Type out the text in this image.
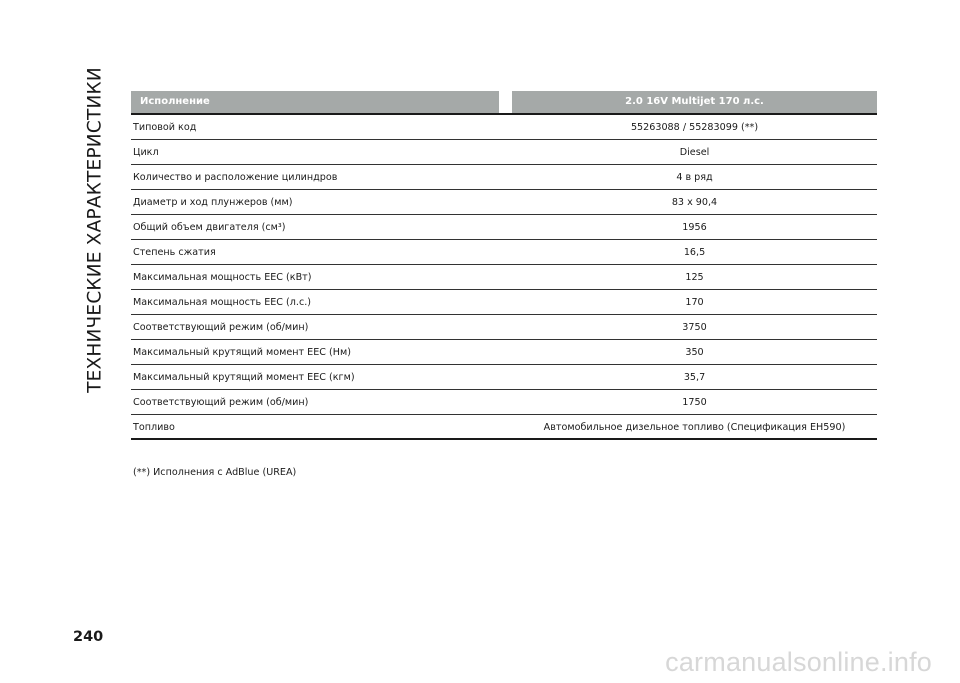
ТЕХНИЧЕСКИЕ ХАРАКТЕРИСТИКИ	Исполнение	2.0 16V Multijet 170 л.с.
Типовой код	55263088 / 55283099 (**)
Цикл	Diesel
Количество и расположение цилиндров	4 в ряд
Диаметр и ход плунжеров (мм)	83 х 90,4
Общий объем двигателя (см³)	1956
Степень сжатия	16,5
Максимальная мощность ЕЕС (кВт)	125
Максимальная мощность ЕЕС (л.с.)	170
Соответствующий режим (об/мин)	3750
Максимальный крутящий момент ЕЕС (Нм)	350
Максимальный крутящий момент ЕЕС (кгм)	35,7
Соответствующий режим (об/мин)	1750
Топливо	Автомобильное дизельное топливо (Спецификация ЕН590)
(**) Исполнения с AdBlue (UREA)
240
carmanualsonline.info
